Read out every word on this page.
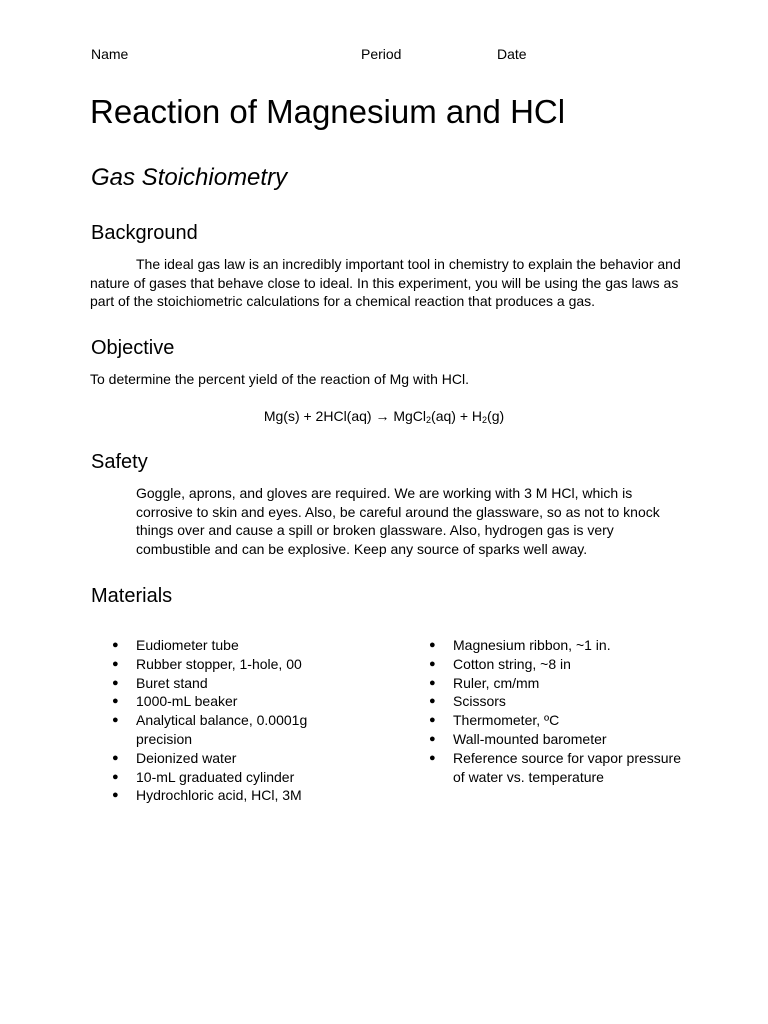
Name	Period	Date
Reaction of Magnesium and HCl
Gas Stoichiometry
Background

The ideal gas law is an incredibly important tool in chemistry to explain the behavior and nature of gases that behave close to ideal. In this experiment, you will be using the gas laws as part of the stoichiometric calculations for a chemical reaction that produces a gas.

Objective

To determine the percent yield of the reaction of Mg with HCl.

Mg(s) + 2HCl(aq) → MgCl$_2$(aq) + $H_2(g)$
Safety

Goggle, aprons, and gloves are required. We are working with 3 M HCl, which is corrosive to skin and eyes. Also, be careful around the glassware, so as not to knock things over and cause a spill or broken glassware. Also, hydrogen gas is very combustible and can be explosive. Keep any source of sparks well away.

Materials
● Eudiometer tube
● Rubber stopper, 1-hole, 00
● Buret stand
● 1000-mL beaker
● Analytical balance, 0.0001g precision
● Deionized water
● 10-mL graduated cylinder
● Hydrochloric acid, HCl, 3M
● Magnesium ribbon, ~1 in.
● Cotton string, ~8 in
● Ruler, cm/mm
● Scissors
● Thermometer, ºC
● Wall-mounted barometer
● Reference source for vapor pressure of water vs. temperature
